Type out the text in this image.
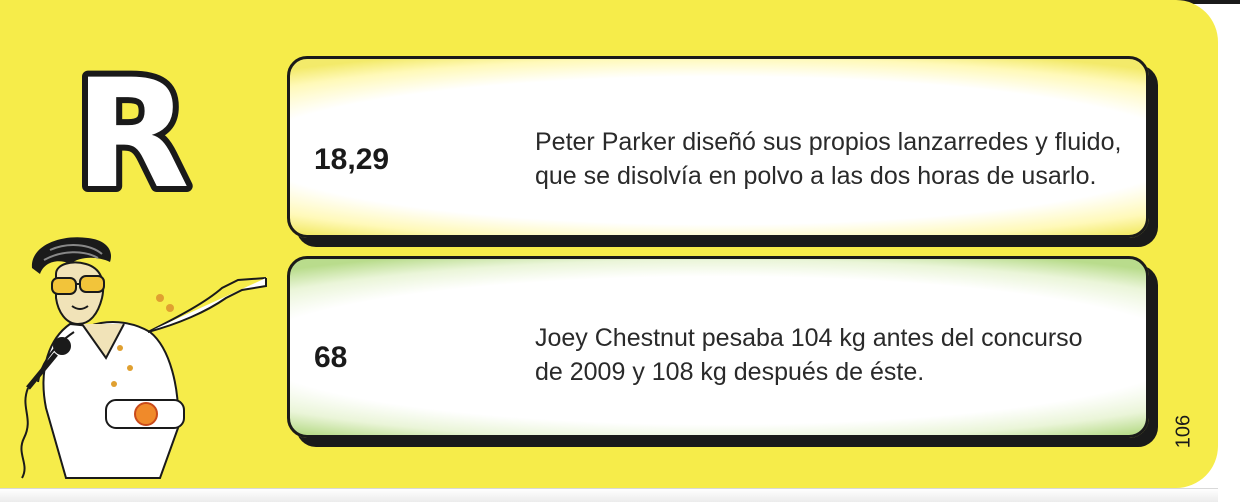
R	18,29
Peter Parker diseñó sus propios lanzarredes y fluido,
que se disolvía en polvo a las dos horas de usarlo.
68
Joey Chestnut pesaba 104 kg antes del concurso
de 2009 y 108 kg después de éste.
106
